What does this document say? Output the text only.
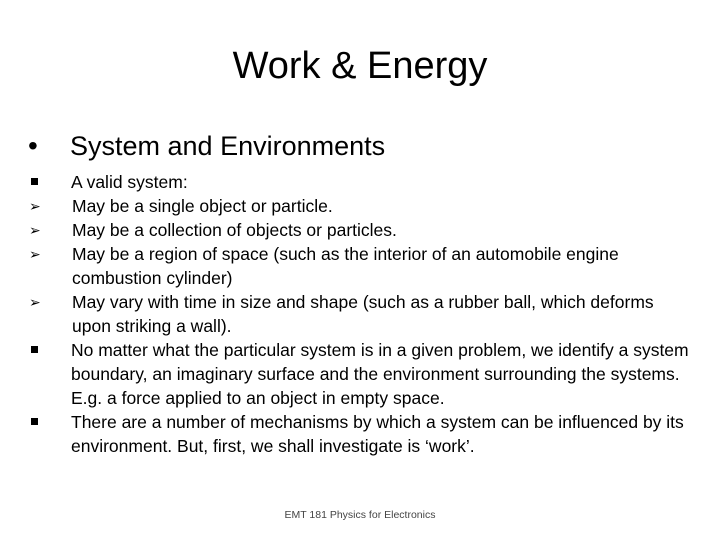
Work & Energy
•	System and Environments
A valid system:
➢	May be a single object or particle.
➢	May be a collection of objects or particles.
➢	May be a region of space (such as the interior of an automobile engine combustion cylinder)
➢	May vary with time in size and shape (such as a rubber ball, which deforms upon striking a wall).
No matter what the particular system is in a given problem, we identify a system boundary, an imaginary surface and the environment surrounding the systems. E.g. a force applied to an object in empty space.
There are a number of mechanisms by which a system can be influenced by its environment. But, first, we shall investigate is ‘work’.
EMT 181 Physics for Electronics
